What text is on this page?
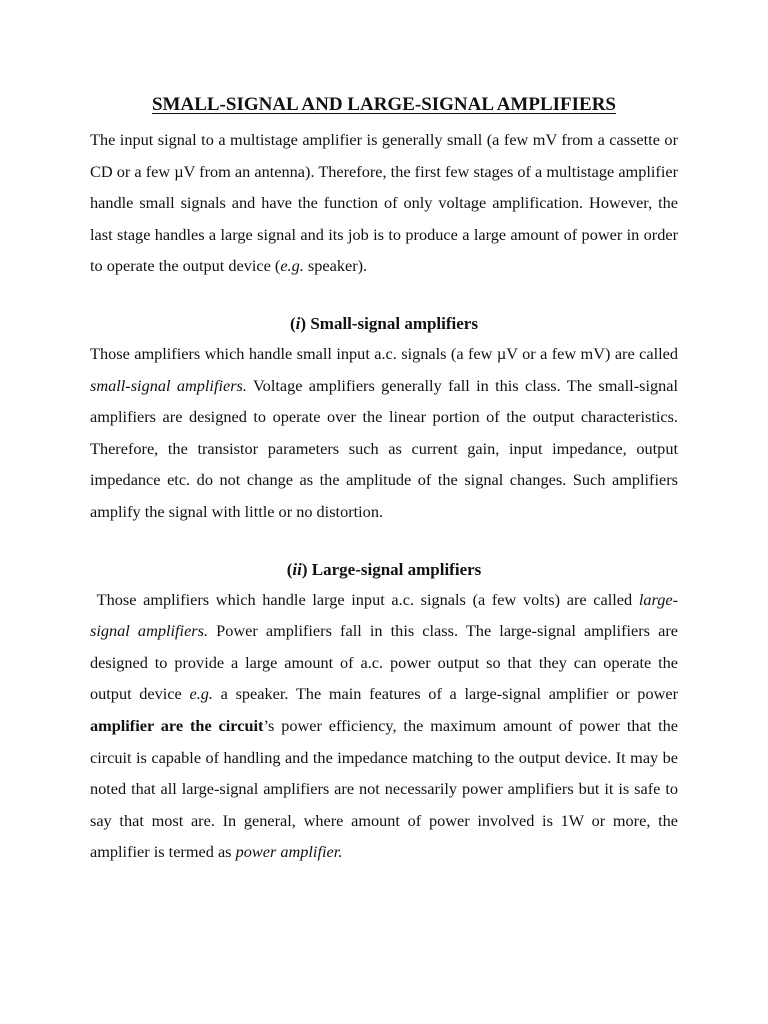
SMALL-SIGNAL AND LARGE-SIGNAL AMPLIFIERS

The input signal to a multistage amplifier is generally small (a few mV from a cassette or CD or a few µV from an antenna). Therefore, the first few stages of a multistage amplifier handle small signals and have the function of only voltage amplification. However, the last stage handles a large signal and its job is to produce a large amount of power in order to operate the output device (e.g. speaker).

(i) Small-signal amplifiers

Those amplifiers which handle small input a.c. signals (a few µV or a few mV) are called small-signal amplifiers. Voltage amplifiers generally fall in this class. The small-signal amplifiers are designed to operate over the linear portion of the output characteristics. Therefore, the transistor parameters such as current gain, input impedance, output impedance etc. do not change as the amplitude of the signal changes. Such amplifiers amplify the signal with little or no distortion.

(ii) Large-signal amplifiers

Those amplifiers which handle large input a.c. signals (a few volts) are called large-signal amplifiers. Power amplifiers fall in this class. The large-signal amplifiers are designed to provide a large amount of a.c. power output so that they can operate the output device e.g. a speaker. The main features of a large-signal amplifier or power amplifier are the circuit’s power efficiency, the maximum amount of power that the circuit is capable of handling and the impedance matching to the output device. It may be noted that all large-signal amplifiers are not necessarily power amplifiers but it is safe to say that most are. In general, where amount of power involved is 1W or more, the amplifier is termed as power amplifier.
